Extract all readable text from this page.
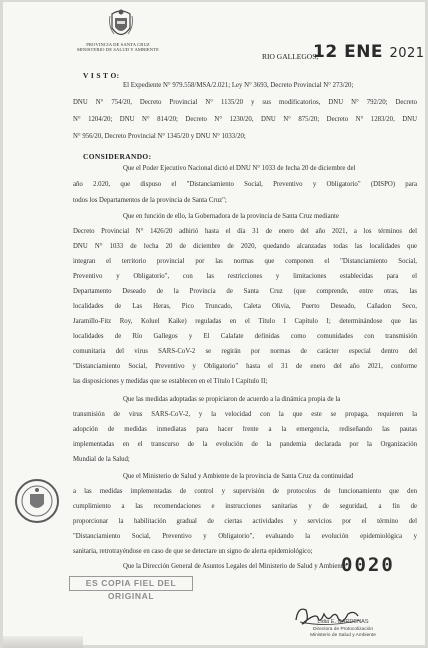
PROVINCIA DE SANTA CRUZ
MINISTERIO DE SALUD Y AMBIENTE
RIO GALLEGOS,
12 ENE 2021
V I S T O:
El Expediente N° 979.558/MSA/2.021; Ley N° 3693, Decreto Provincial N° 273/20;
DNU N° 754/20, Decreto Provincial N° 1135/20 y sus modificatorios, DNU N° 792/20; Decreto
N° 1204/20; DNU N° 814/20; Decreto N° 1230/20, DNU N° 875/20; Decreto N° 1283/20, DNU
N° 956/20, Decreto Provincial N° 1345/20 y DNU N° 1033/20;
CONSIDERANDO:
Que el Poder Ejecutivo Nacional dictó el DNU N° 1033 de fecha 20 de diciembre del
año 2.020, que dispuso el "Distanciamiento Social, Preventivo y Obligatorio" (DISPO) para
todos los Departamentos de la provincia de Santa Cruz";
Que en función de ello, la Gobernadora de la provincia de Santa Cruz mediante
Decreto Provincial N° 1426/20 adhirió hasta el día 31 de enero del año 2021, a los términos del
DNU N° 1033 de fecha 20 de diciembre de 2020, quedando alcanzadas todas las localidades que
integran el territorio provincial por las normas que componen el "Distanciamiento Social,
Preventivo y Obligatorio", con las restricciones y limitaciones establecidas para el
Departamento Deseado de la Provincia de Santa Cruz (que comprende, entre otras, las
localidades de Las Heras, Pico Truncado, Caleta Olivia, Puerto Deseado, Cañadon Seco,
Jaramillo-Fitz Roy, Koluel Kaike) reguladas en el Título I Capítulo I; determinándose que las
localidades de Río Gallegos y El Calafate definidas como comunidades con transmisión
comunitaria del virus SARS-CoV-2 se regirán por normas de carácter especial dentro del
"Distanciamiento Social, Preventivo y Obligatorio" hasta el 31 de enero del año 2021, conforme
las disposiciones y medidas que se establecen en el Título I Capítulo II;
Que las medidas adoptadas se propiciaron de acuerdo a la dinámica propia de la
transmisión de virus SARS-CoV-2, y la velocidad con la que este se propaga, requieren la
adopción de medidas inmediatas para hacer frente a la emergencia, rediseñando las pautas
implementadas en el transcurso de la evolución de la pandemia declarada por la Organización
Mundial de la Salud;
Que el Ministerio de Salud y Ambiente de la provincia de Santa Cruz da continuidad
a las medidas implementadas de control y supervisión de protocolos de funcionamiento que den
cumplimiento a las recomendaciones e instrucciones sanitarias y de seguridad, a fin de
proporcionar la habilitación gradual de ciertas actividades y servicios por el término del
"Distanciamiento Social, Preventivo y Obligatorio", evaluando la evolución epidemiológica y
sanitaria, retrotrayéndose en caso de que se detectare un signo de alerta epidemiológico;
Que la Dirección General de Asuntos Legales del Ministerio de Salud y Ambiente
ES COPIA FIEL DEL ORIGINAL
0020
Lidia E. CARDENAS
Directora de Protocolización
Ministerio de Salud y Ambiente
